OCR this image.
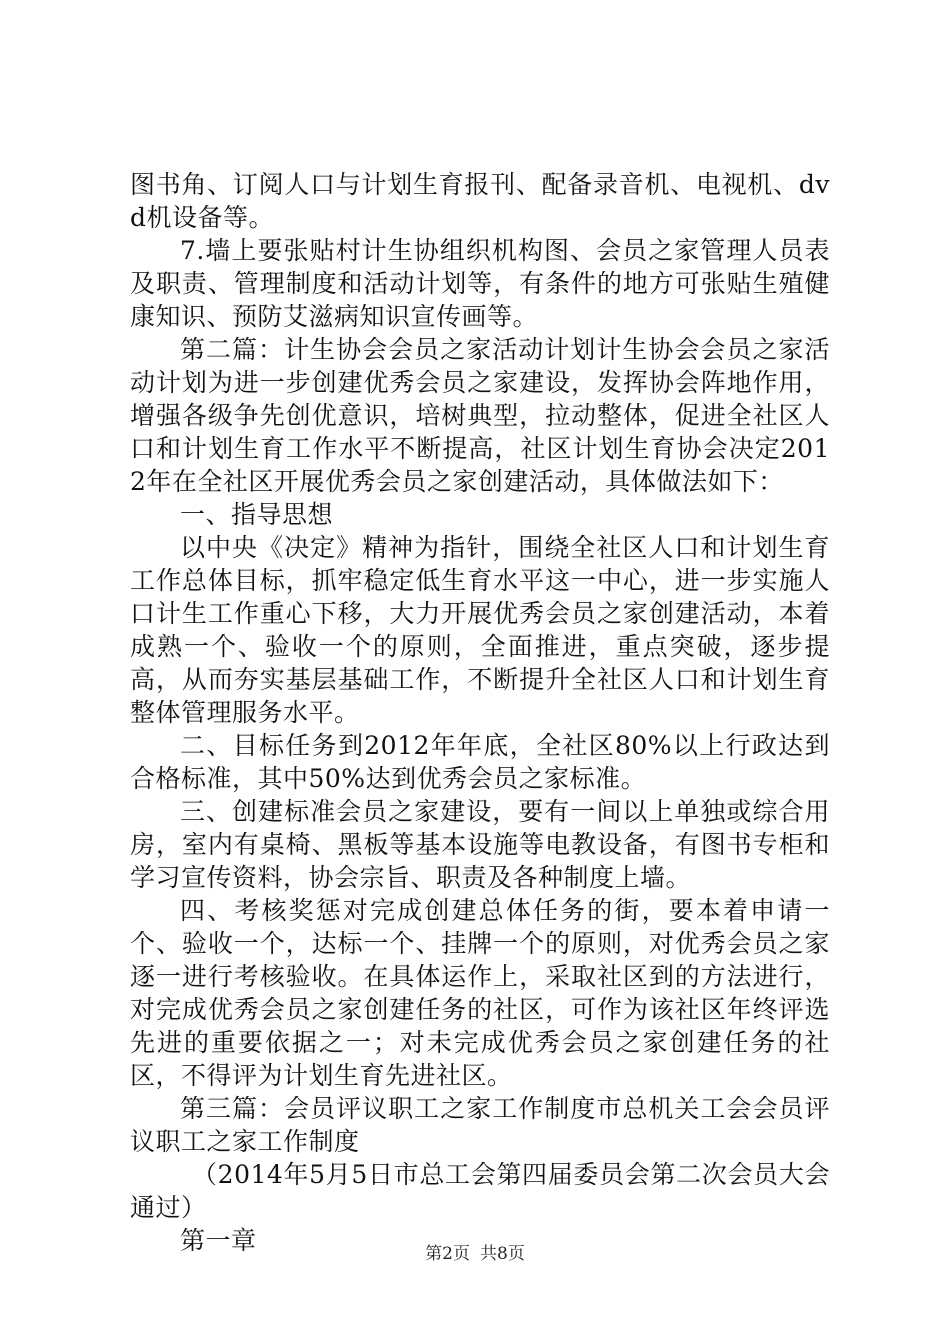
图书角、订阅人口与计划生育报刊、配备录音机、电视机、dvd机设备等。

7.墙上要张贴村计生协组织机构图、会员之家管理人员表及职责、管理制度和活动计划等，有条件的地方可张贴生殖健康知识、预防艾滋病知识宣传画等。

第二篇：计生协会会员之家活动计划计生协会会员之家活动计划为进一步创建优秀会员之家建设，发挥协会阵地作用，增强各级争先创优意识，培树典型，拉动整体，促进全社区人口和计划生育工作水平不断提高，社区计划生育协会决定2012年在全社区开展优秀会员之家创建活动，具体做法如下：

一、指导思想

以中央《决定》精神为指针，围绕全社区人口和计划生育工作总体目标，抓牢稳定低生育水平这一中心，进一步实施人口计生工作重心下移，大力开展优秀会员之家创建活动，本着成熟一个、验收一个的原则，全面推进，重点突破，逐步提高，从而夯实基层基础工作，不断提升全社区人口和计划生育整体管理服务水平。

二、目标任务到2012年年底，全社区80%以上行政达到合格标准，其中50%达到优秀会员之家标准。

三、创建标准会员之家建设，要有一间以上单独或综合用房，室内有桌椅、黑板等基本设施等电教设备，有图书专柜和学习宣传资料，协会宗旨、职责及各种制度上墙。

四、考核奖惩对完成创建总体任务的街，要本着申请一个、验收一个，达标一个、挂牌一个的原则，对优秀会员之家逐一进行考核验收。在具体运作上，采取社区到的方法进行，对完成优秀会员之家创建任务的社区，可作为该社区年终评选先进的重要依据之一；对未完成优秀会员之家创建任务的社区，不得评为计划生育先进社区。

第三篇：会员评议职工之家工作制度市总机关工会会员评议职工之家工作制度

（2014年5月5日市总工会第四届委员会第二次会员大会通过）

第一章	第2页 共8页
